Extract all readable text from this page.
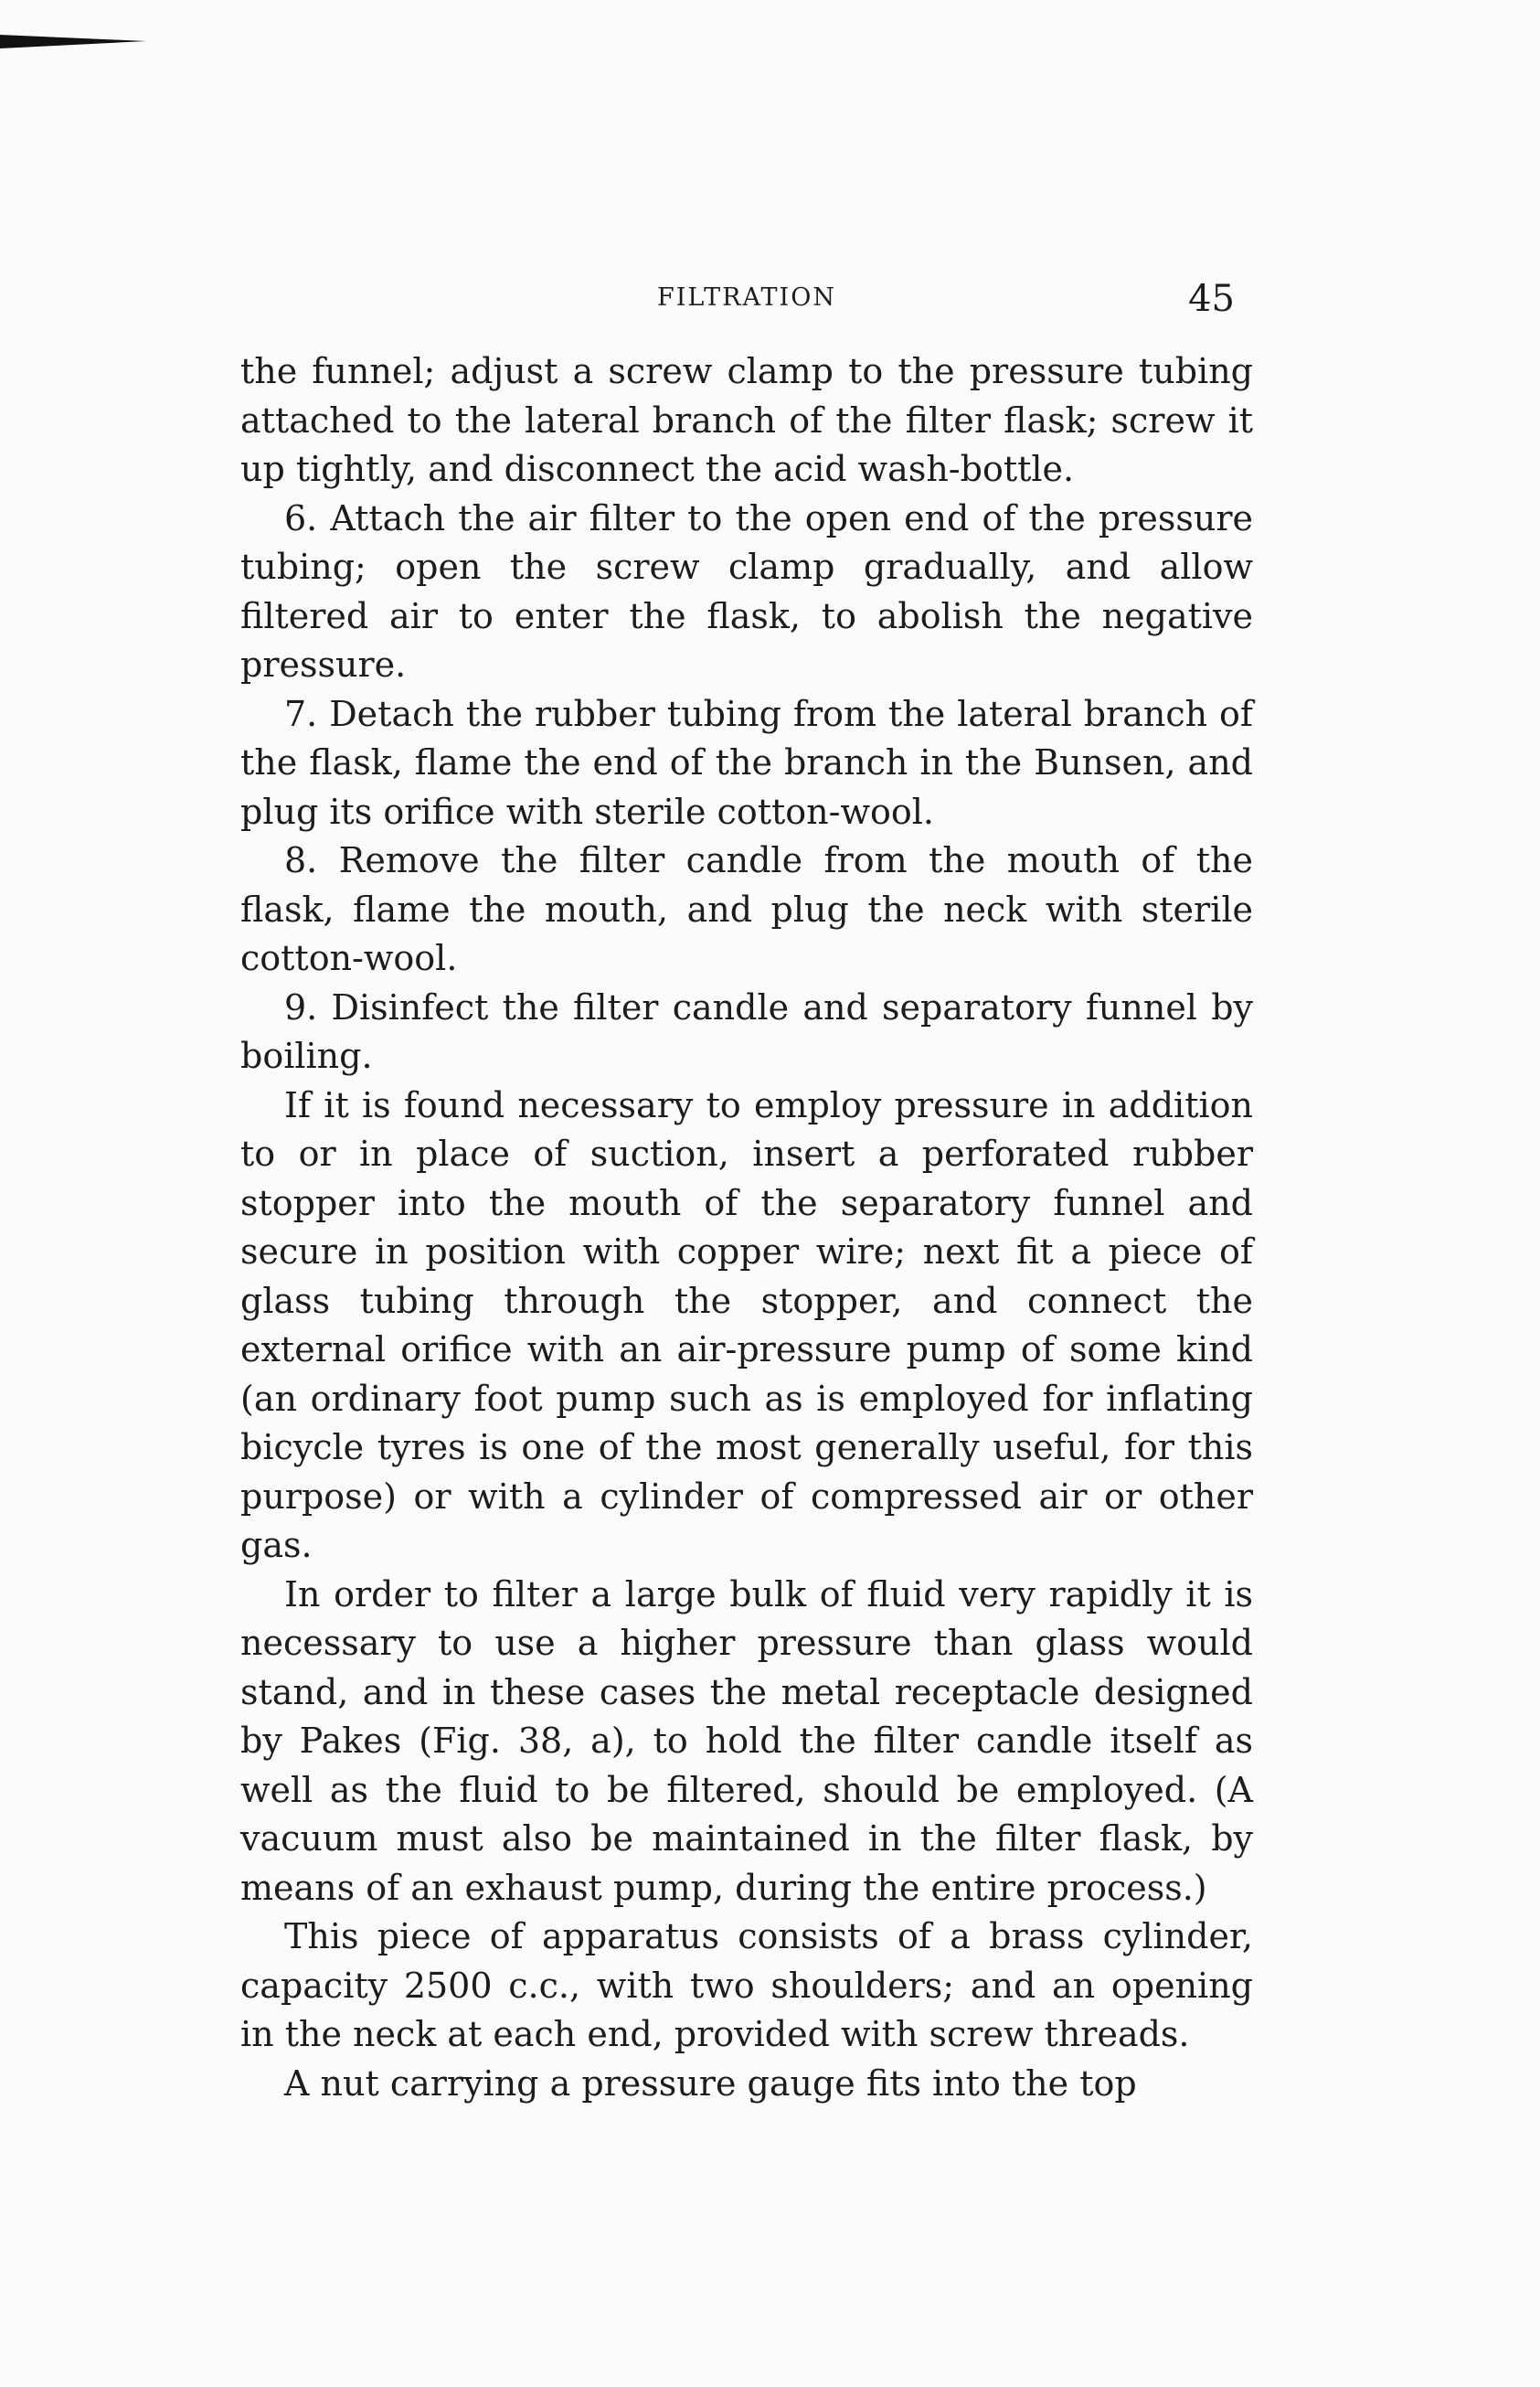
FILTRATION	45

the funnel; adjust a screw clamp to the pressure tubing attached to the lateral branch of the filter flask; screw it up tightly, and disconnect the acid wash-bottle.

6. Attach the air filter to the open end of the pressure tubing; open the screw clamp gradually, and allow filtered air to enter the flask, to abolish the negative pressure.

7. Detach the rubber tubing from the lateral branch of the flask, flame the end of the branch in the Bunsen, and plug its orifice with sterile cotton-wool.

8. Remove the filter candle from the mouth of the flask, flame the mouth, and plug the neck with sterile cotton-wool.

9. Disinfect the filter candle and separatory funnel by boiling.

If it is found necessary to employ pressure in addition to or in place of suction, insert a perforated rubber stopper into the mouth of the separatory funnel and secure in position with copper wire; next fit a piece of glass tubing through the stopper, and connect the external orifice with an air-pressure pump of some kind (an ordinary foot pump such as is employed for inflating bicycle tyres is one of the most generally useful, for this purpose) or with a cylinder of compressed air or other gas.

In order to filter a large bulk of fluid very rapidly it is necessary to use a higher pressure than glass would stand, and in these cases the metal receptacle designed by Pakes (Fig. 38, a), to hold the filter candle itself as well as the fluid to be filtered, should be employed. (A vacuum must also be maintained in the filter flask, by means of an exhaust pump, during the entire process.)

This piece of apparatus consists of a brass cylinder, capacity 2500 c.c., with two shoulders; and an opening in the neck at each end, provided with screw threads.

A nut carrying a pressure gauge fits into the top
